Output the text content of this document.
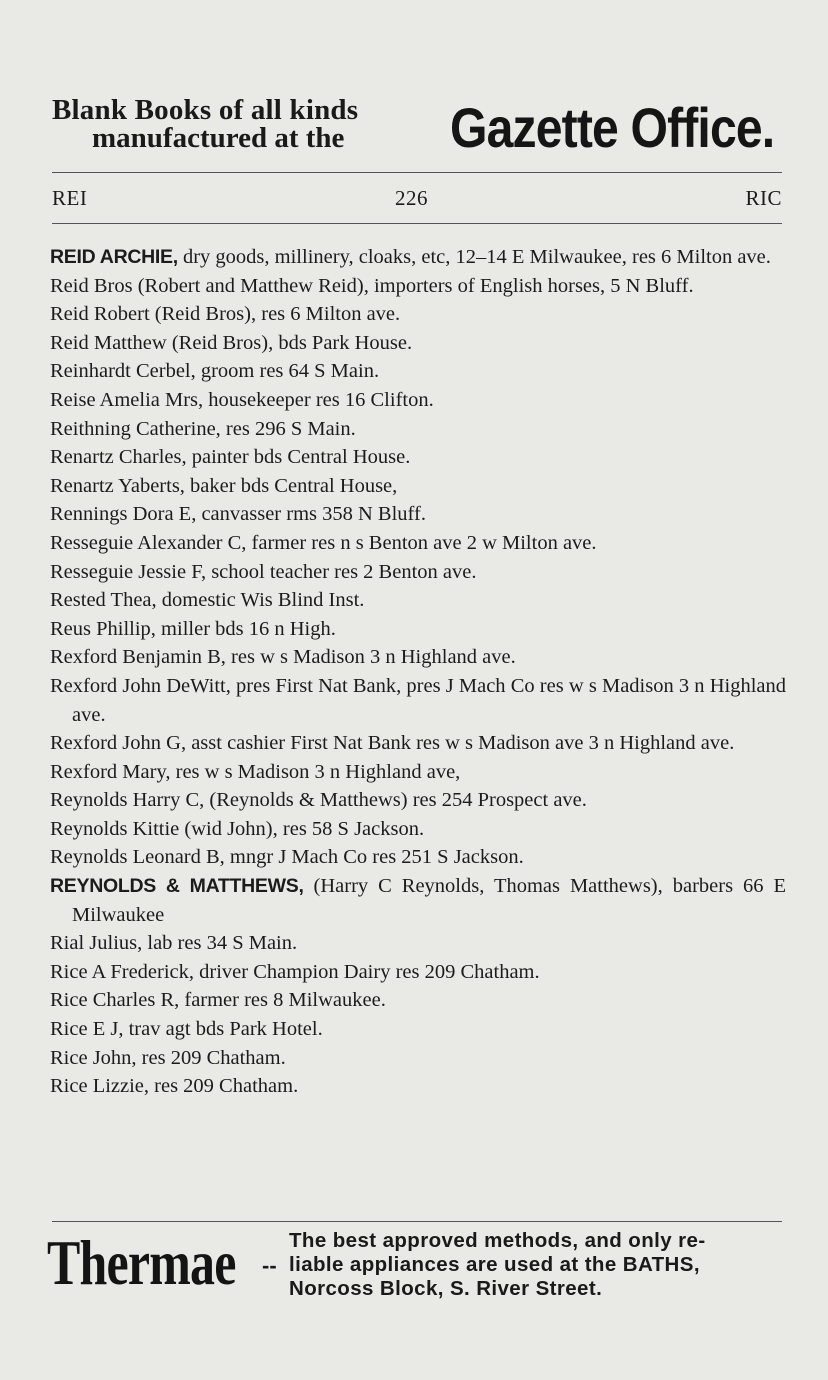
Blank Books of all kinds
manufactured at the	Gazette Office.
REI	226	RIC

REID ARCHIE, dry goods, millinery, cloaks, etc, 12–14 E Milwaukee, res 6 Milton ave.

Reid Bros (Robert and Matthew Reid), importers of English horses, 5 N Bluff.

Reid Robert (Reid Bros), res 6 Milton ave.

Reid Matthew (Reid Bros), bds Park House.

Reinhardt Cerbel, groom res 64 S Main.

Reise Amelia Mrs, housekeeper res 16 Clifton.

Reithning Catherine, res 296 S Main.

Renartz Charles, painter bds Central House.

Renartz Yaberts, baker bds Central House,

Rennings Dora E, canvasser rms 358 N Bluff.

Resseguie Alexander C, farmer res n s Benton ave 2 w Milton ave.

Resseguie Jessie F, school teacher res 2 Benton ave.

Rested Thea, domestic Wis Blind Inst.

Reus Phillip, miller bds 16 n High.

Rexford Benjamin B, res w s Madison 3 n Highland ave.

Rexford John DeWitt, pres First Nat Bank, pres J Mach Co res w s Madison 3 n Highland ave.

Rexford John G, asst cashier First Nat Bank res w s Madison ave 3 n Highland ave.

Rexford Mary, res w s Madison 3 n Highland ave,

Reynolds Harry C, (Reynolds & Matthews) res 254 Prospect ave.

Reynolds Kittie (wid John), res 58 S Jackson.

Reynolds Leonard B, mngr J Mach Co res 251 S Jackson.

REYNOLDS & MATTHEWS, (Harry C Reynolds, Thomas Matthews), barbers 66 E Milwaukee

Rial Julius, lab res 34 S Main.

Rice A Frederick, driver Champion Dairy res 209 Chatham.

Rice Charles R, farmer res 8 Milwaukee.

Rice E J, trav agt bds Park Hotel.

Rice John, res 209 Chatham.

Rice Lizzie, res 209 Chatham.

Thermae --
The best approved methods, and only re-
liable appliances are used at the BATHS,
Norcoss Block, S. River Street.
